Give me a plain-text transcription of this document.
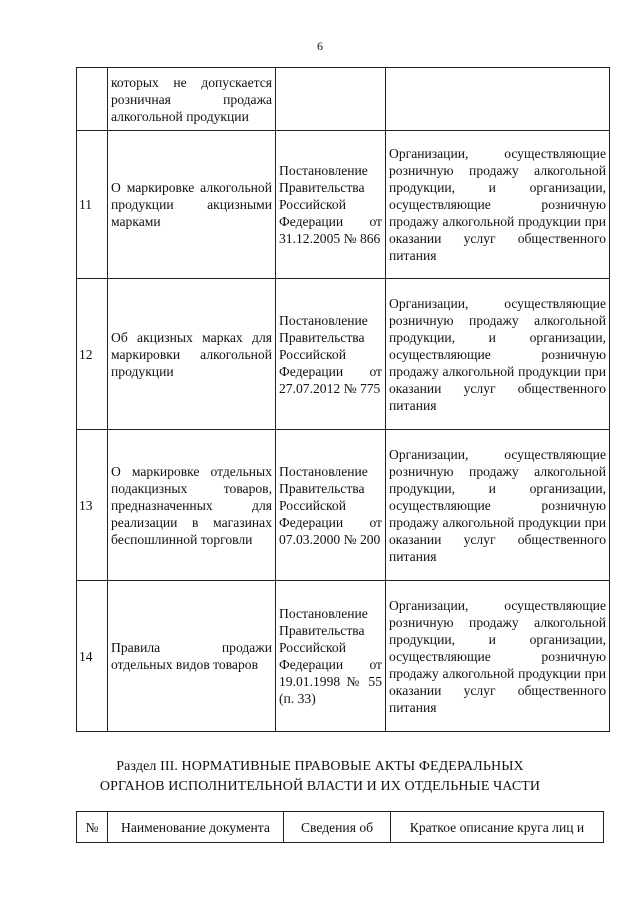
6
	которых не допускается розничная продажа алкогольной продукции		
11	О маркировке алкогольной продукции акцизными марками	Постановление Правительства Российской Федерации от 31.12.2005 № 866	Организации, осуществляющие розничную продажу алкогольной продукции, и организации, осуществляющие розничную продажу алкогольной продукции при оказании услуг общественного питания
12	Об акцизных марках для маркировки алкогольной продукции	Постановление Правительства Российской Федерации от 27.07.2012 № 775	Организации, осуществляющие розничную продажу алкогольной продукции, и организации, осуществляющие розничную продажу алкогольной продукции при оказании услуг общественного питания
13	О маркировке отдельных подакцизных товаров, предназначенных для реализации в магазинах беспошлинной торговли	Постановление Правительства Российской Федерации от 07.03.2000 № 200	Организации, осуществляющие розничную продажу алкогольной продукции, и организации, осуществляющие розничную продажу алкогольной продукции при оказании услуг общественного питания
14	Правила продажи отдельных видов товаров	Постановление Правительства Российской Федерации от 19.01.1998 № 55 (п. 33)	Организации, осуществляющие розничную продажу алкогольной продукции, и организации, осуществляющие розничную продажу алкогольной продукции при оказании услуг общественного питания
Раздел III. НОРМАТИВНЫЕ ПРАВОВЫЕ АКТЫ ФЕДЕРАЛЬНЫХ
ОРГАНОВ ИСПОЛНИТЕЛЬНОЙ ВЛАСТИ И ИХ ОТДЕЛЬНЫЕ ЧАСТИ
№	Наименование документа	Сведения об	Краткое описание круга лиц и
